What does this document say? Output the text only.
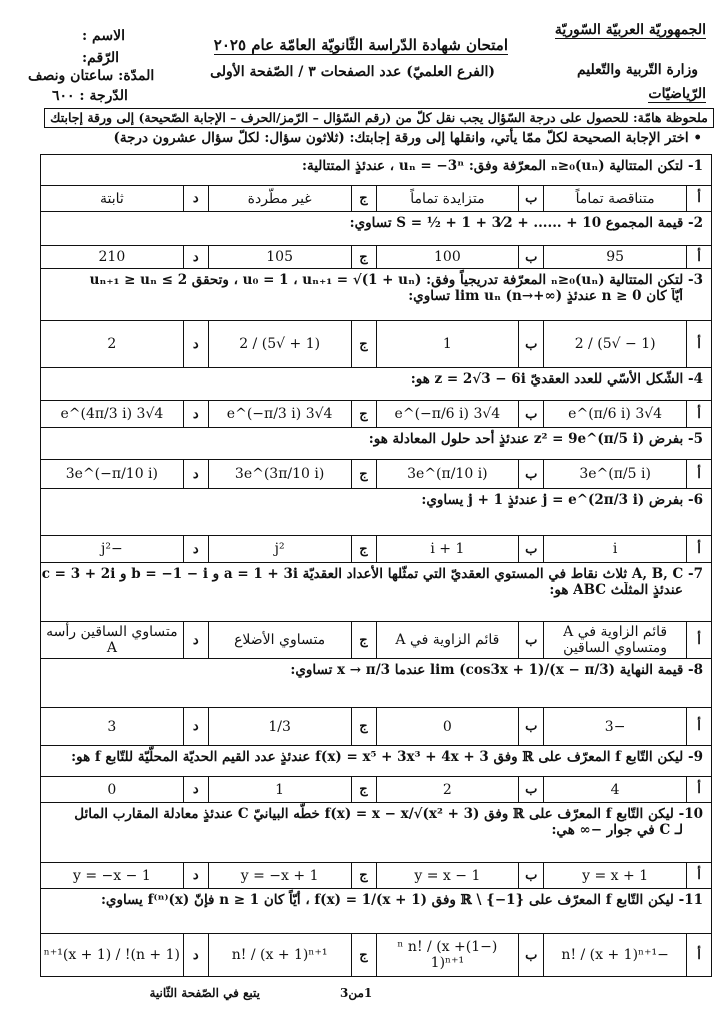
الجمهوريّة العربيّة السّوريّة
وزارة التّربية والتّعليم
الرّياضيّات
امتحان شهادة الدّراسة الثّانويّة العامّة عام ٢٠٢٥
(الفرع العلميّ) عدد الصفحات ٣ / الصّفحة الأولى
الاسم :
الرّقم:
المدّة: ساعتان ونصف
الدّرجة : ٦٠٠
ملحوظة هامّة: للحصول على درجة السّؤال يجب نقل كلّ من (رقم السّؤال – الرّمز/الحرف – الإجابة الصّحيحة) إلى ورقة إجابتك
• اختر الإجابة الصحيحة لكلّ ممّا يأتي، وانقلها إلى ورقة إجابتك: (ثلاثون سؤال: لكلّ سؤال عشرون درجة)
1- لتكن المتتالية (uₙ)ₙ≥₀ المعرّفة وفق: uₙ = −3ⁿ ، عندئذٍ المتتالية:
أ
متناقصة تماماً
ب
متزايدة تماماً
ج
غير مطّردة
د
ثابتة
2- قيمة المجموع S = ½ + 1 + 3⁄2 + ...... + 10 تساوي:
أ
95
ب
100
ج
105
د
210
3- لتكن المتتالية (uₙ)ₙ≥₀ المعرّفة تدريجياً وفق: u₀ = 1 ، uₙ₊₁ = √(1 + uₙ) ، وتحقق 2 ≥ uₙ₊₁ ≥ uₙ
أيّاً كان n ≥ 0 عندئذٍ lim uₙ (n→+∞) تساوي:
أ
(1 − √5) / 2
ب
1
ج
(1 + √5) / 2
د
2
4- الشّكل الأسّي للعدد العقديّ z = 2√3 − 6i هو:
أ
4√3 e^(π/6 i)
ب
4√3 e^(−π/6 i)
ج
4√3 e^(−π/3 i)
د
4√3 e^(4π/3 i)
5- بفرض z² = 9e^(π/5 i) عندئذٍ أحد حلول المعادلة هو:
أ
3e^(π/5 i)
ب
3e^(π/10 i)
ج
3e^(3π/10 i)
د
3e^(−π/10 i)
6- بفرض j = e^(2π/3 i) عندئذٍ 1 + j يساوي:
أ
i
ب
1 + i
ج
j²
د
−j²
7- A, B, C ثلاث نقاط في المستوي العقديّ التي تمثّلها الأعداد العقديّة a = 1 + 3i و b = −1 − i و c = 3 + 2i
عندئذٍ المثلّث ABC هو:
أ
قائم الزاوية في A ومتساوي الساقين
ب
قائم الزاوية في A
ج
متساوي الأضلاع
د
متساوي الساقين رأسه A
8- قيمة النهاية lim (cos3x + 1)/(x − π/3) عندما x → π/3 تساوي:
أ
−3
ب
0
ج
1/3
د
3
9- ليكن التّابع f المعرّف على ℝ وفق f(x) = x⁵ + 3x³ + 4x + 3 عندئذٍ عدد القيم الحديّة المحلّيّة للتّابع f هو:
أ
4
ب
2
ج
1
د
0
10- ليكن التّابع f المعرّف على ℝ وفق f(x) = x − x/√(x² + 3) خطّه البيانيّ C عندئذٍ معادلة المقارب المائل
لـ C في جوار −∞ هي:
أ
y = x + 1
ب
y = x − 1
ج
y = −x + 1
د
y = −x − 1
11- ليكن التّابع f المعرّف على ℝ \ {−1} وفق f(x) = 1/(x + 1) ، أيّاً كان n ≥ 1 فإنّ f⁽ⁿ⁾(x) يساوي:
أ
−n! / (x + 1)ⁿ⁺¹
ب
(−1)ⁿ n! / (x + 1)ⁿ⁺¹
ج
n! / (x + 1)ⁿ⁺¹
د
(n + 1)! / (x + 1)ⁿ⁺¹
يتبع في الصّفحة الثّانية	1من3
